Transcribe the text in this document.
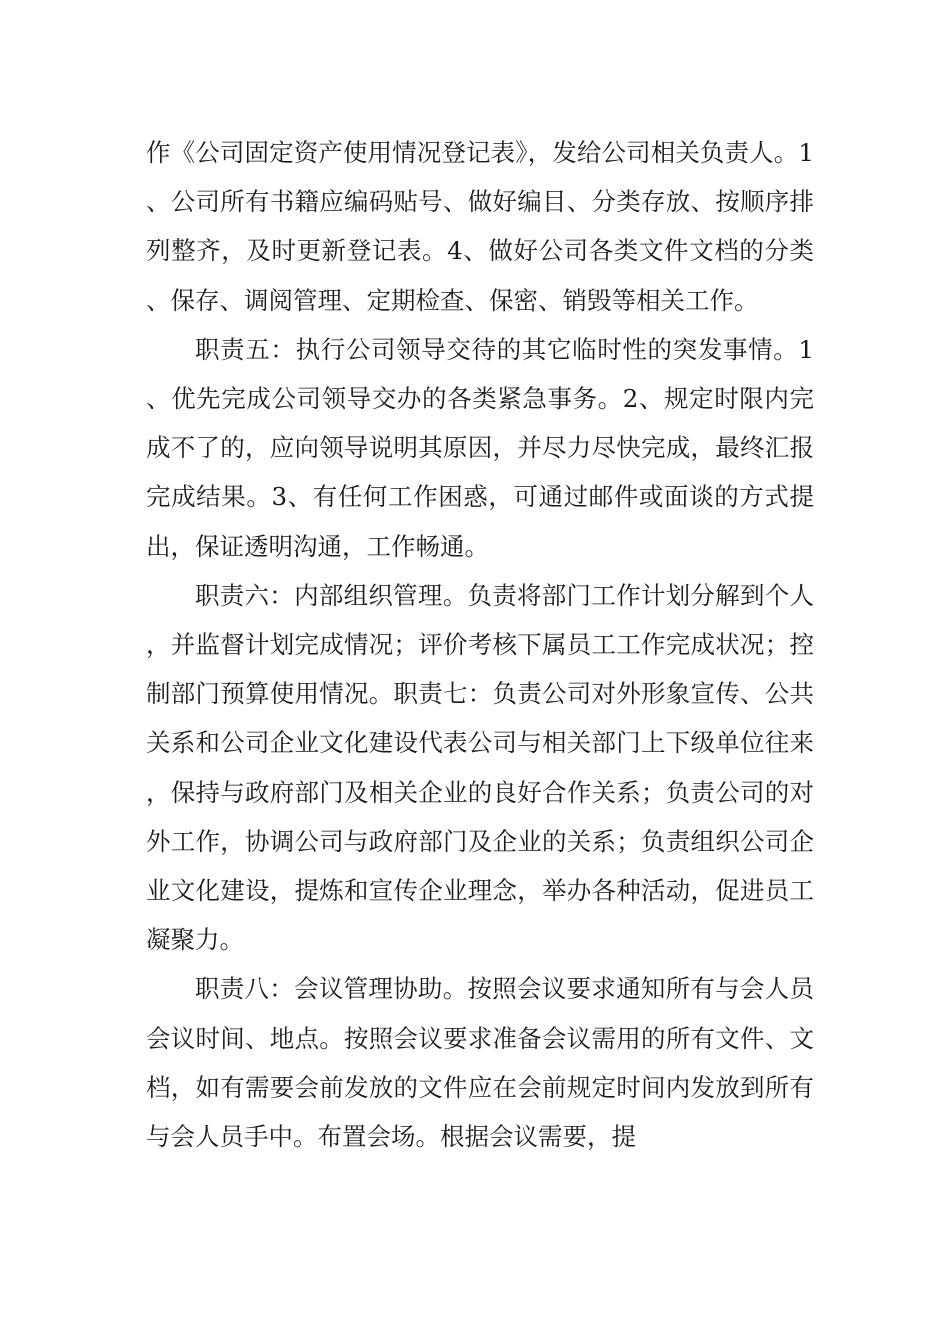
作《公司固定资产使用情况登记表》，发给公司相关负责人。1、公司所有书籍应编码贴号、做好编目、分类存放、按顺序排列整齐，及时更新登记表。4、做好公司各类文件文档的分类、保存、调阅管理、定期检查、保密、销毁等相关工作。

职责五：执行公司领导交待的其它临时性的突发事情。1、优先完成公司领导交办的各类紧急事务。2、规定时限内完成不了的，应向领导说明其原因，并尽力尽快完成，最终汇报完成结果。3、有任何工作困惑，可通过邮件或面谈的方式提出，保证透明沟通，工作畅通。

职责六：内部组织管理。负责将部门工作计划分解到个人，并监督计划完成情况；评价考核下属员工工作完成状况；控制部门预算使用情况。职责七：负责公司对外形象宣传、公共关系和公司企业文化建设代表公司与相关部门上下级单位往来，保持与政府部门及相关企业的良好合作关系；负责公司的对外工作，协调公司与政府部门及企业的关系；负责组织公司企业文化建设，提炼和宣传企业理念，举办各种活动，促进员工凝聚力。

职责八：会议管理协助。按照会议要求通知所有与会人员会议时间、地点。按照会议要求准备会议需用的所有文件、文档，如有需要会前发放的文件应在会前规定时间内发放到所有与会人员手中。布置会场。根据会议需要，提
